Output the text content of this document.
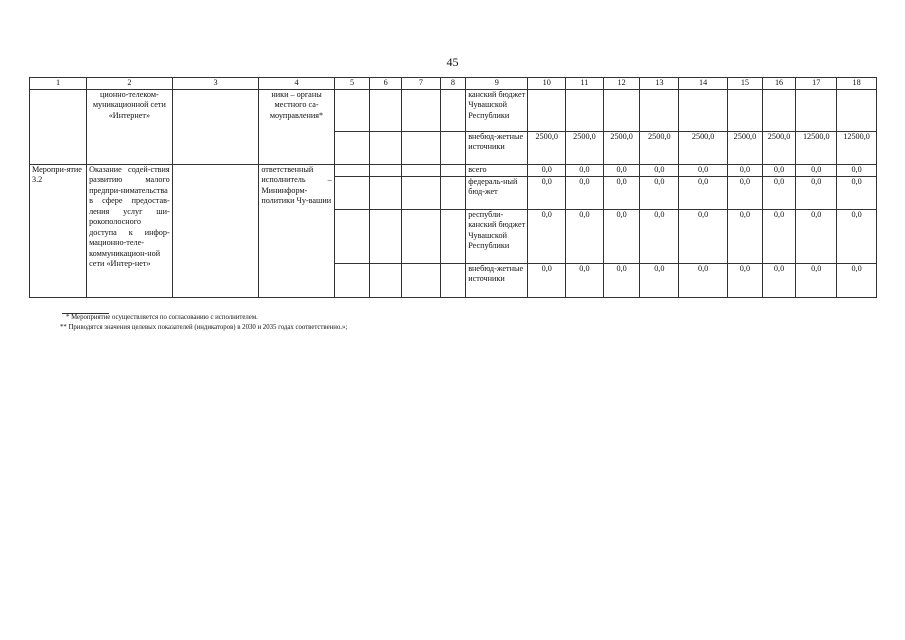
45
1	2	3	4	5	6	7	8	9	10	11	12	13	14	15	16	17	18
	ционно-телеком-муникационной сети «Интернет»		ники – органы местного са-моуправления*					канский бюджет Чувашской Республики									
								внебюд-жетные источники	2500,0	2500,0	2500,0	2500,0	2500,0	2500,0	2500,0	12500,0	12500,0
Меропри-ятие 3.2	Оказание содей-ствия развитию малого предпри-нимательства в сфере предостав-ления услуг ши-рокополосного доступа к инфор-мационно-теле-коммуникацион-ной сети «Интер-нет»		ответственный исполнитель – Мининформ-политики Чу-вашии					всего	0,0	0,0	0,0	0,0	0,0	0,0	0,0	0,0	0,0
								федераль-ный бюд-жет	0,0	0,0	0,0	0,0	0,0	0,0	0,0	0,0	0,0
								республи-канский бюджет Чувашской Республики	0,0	0,0	0,0	0,0	0,0	0,0	0,0	0,0	0,0
								внебюд-жетные источники	0,0	0,0	0,0	0,0	0,0	0,0	0,0	0,0	0,0
* Мероприятие осуществляется по согласованию с исполнителем.
** Приводятся значения целевых показателей (индикаторов) в 2030 и 2035 годах соответственно.»;
